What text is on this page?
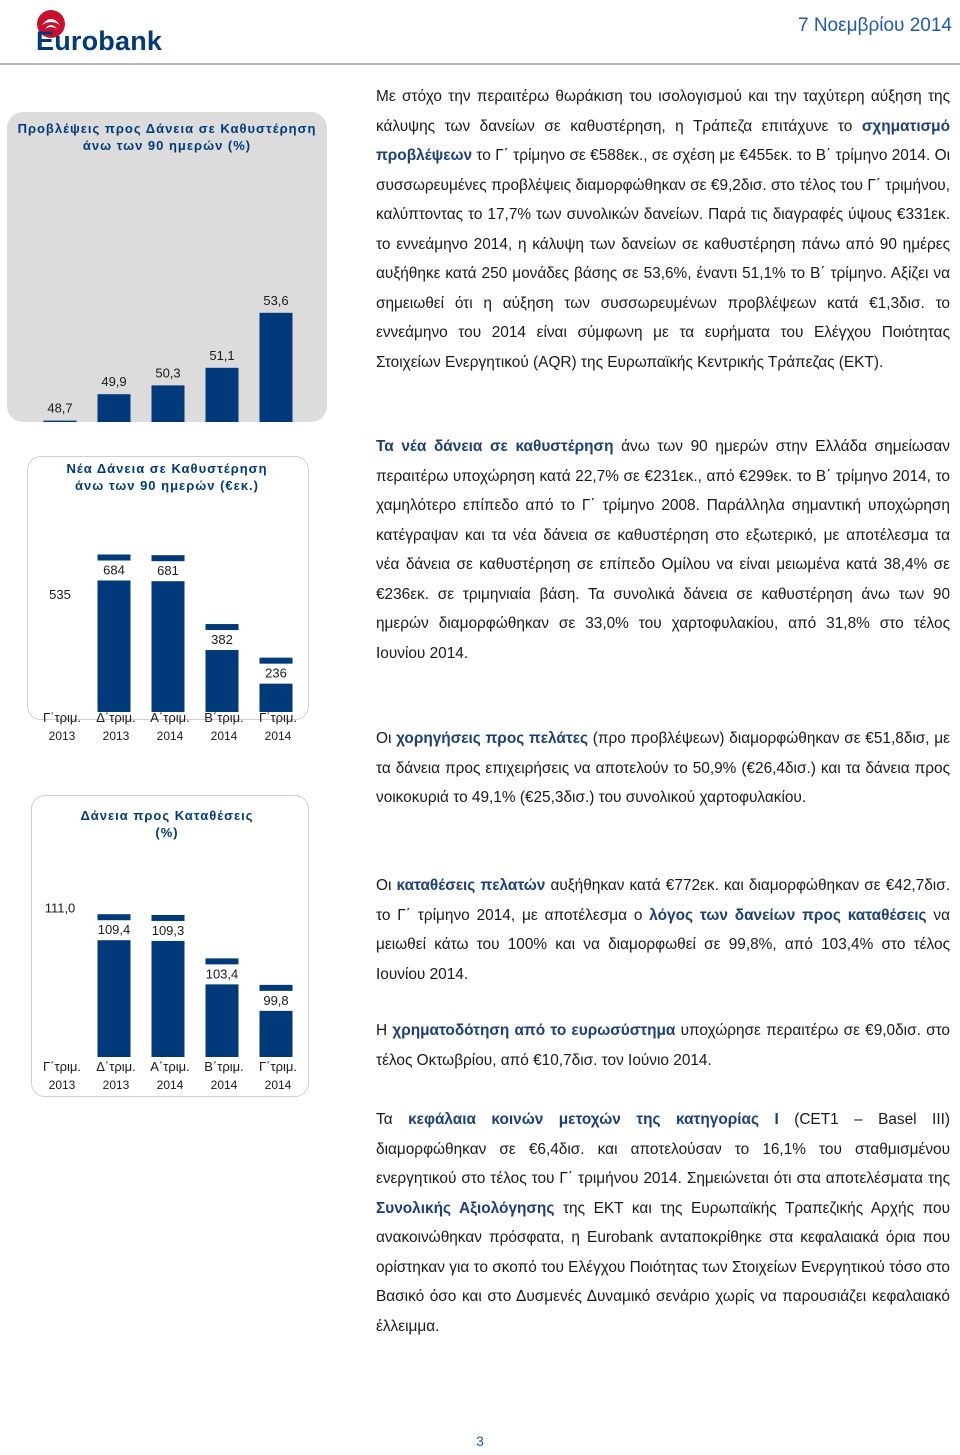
Eurobank
7 Νοεμβρίου 2014
Προβλέψεις προς Δάνεια σε Καθυστέρηση άνω των 90 ημερών (%)
48,7
49,9
50,3
51,1
53,6
Νέα Δάνεια σε Καθυστέρηση άνω των 90 ημερών (€εκ.)
535
Γ΄τριμ.
2013
684
Δ΄τριμ.
2013
681
Α΄τριμ.
2014
382
Β΄τριμ.
2014
236
Γ΄τριμ.
2014
Δάνεια προς Καταθέσεις (%)
111,0
Γ΄τριμ.
2013
109,4
Δ΄τριμ.
2013
109,3
Α΄τριμ.
2014
103,4
Β΄τριμ.
2014
99,8
Γ΄τριμ.
2014
Με στόχο την περαιτέρω θωράκιση του ισολογισμού και την ταχύτερη αύξηση της κάλυψης των δανείων σε καθυστέρηση, η Τράπεζα επιτάχυνε το σχηματισμό προβλέψεων το Γ΄ τρίμηνο σε €588εκ., σε σχέση με €455εκ. το Β΄ τρίμηνο 2014. Οι συσσωρευμένες προβλέψεις διαμορφώθηκαν σε €9,2δισ. στο τέλος του Γ΄ τριμήνου, καλύπτοντας το 17,7% των συνολικών δανείων. Παρά τις διαγραφές ύψους €331εκ. το εννεάμηνο 2014, η κάλυψη των δανείων σε καθυστέρηση πάνω από 90 ημέρες αυξήθηκε κατά 250 μονάδες βάσης σε 53,6%, έναντι 51,1% το Β΄ τρίμηνο. Αξίζει να σημειωθεί ότι η αύξηση των συσσωρευμένων προβλέψεων κατά €1,3δισ. το εννεάμηνο του 2014 είναι σύμφωνη με τα ευρήματα του Ελέγχου Ποιότητας Στοιχείων Ενεργητικού (AQR) της Ευρωπαϊκής Κεντρικής Τράπεζας (ΕΚΤ).
Τα νέα δάνεια σε καθυστέρηση άνω των 90 ημερών στην Ελλάδα σημείωσαν περαιτέρω υποχώρηση κατά 22,7% σε €231εκ., από €299εκ. το Β΄ τρίμηνο 2014, το χαμηλότερο επίπεδο από το Γ΄ τρίμηνο 2008. Παράλληλα σημαντική υποχώρηση κατέγραψαν και τα νέα δάνεια σε καθυστέρηση στο εξωτερικό, με αποτέλεσμα τα νέα δάνεια σε καθυστέρηση σε επίπεδο Ομίλου να είναι μειωμένα κατά 38,4% σε €236εκ. σε τριμηνιαία βάση. Τα συνολικά δάνεια σε καθυστέρηση άνω των 90 ημερών διαμορφώθηκαν σε 33,0% του χαρτοφυλακίου, από 31,8% στο τέλος Ιουνίου 2014.
Οι χορηγήσεις προς πελάτες (προ προβλέψεων) διαμορφώθηκαν σε €51,8δισ, με τα δάνεια προς επιχειρήσεις να αποτελούν το 50,9% (€26,4δισ.) και τα δάνεια προς νοικοκυριά το 49,1% (€25,3δισ.) του συνολικού χαρτοφυλακίου.
Οι καταθέσεις πελατών αυξήθηκαν κατά €772εκ. και διαμορφώθηκαν σε €42,7δισ. το Γ΄ τρίμηνο 2014, με αποτέλεσμα ο λόγος των δανείων προς καταθέσεις να μειωθεί κάτω του 100% και να διαμορφωθεί σε 99,8%, από 103,4% στο τέλος Ιουνίου 2014.
Η χρηματοδότηση από το ευρωσύστημα υποχώρησε περαιτέρω σε €9,0δισ. στο τέλος Οκτωβρίου, από €10,7δισ. τον Ιούνιο 2014.
Τα κεφάλαια κοινών μετοχών της κατηγορίας Ι (CET1 – Basel III) διαμορφώθηκαν σε €6,4δισ. και αποτελούσαν το 16,1% του σταθμισμένου ενεργητικού στο τέλος του Γ΄ τριμήνου 2014. Σημειώνεται ότι στα αποτελέσματα της Συνολικής Αξιολόγησης της ΕΚΤ και της Ευρωπαϊκής Τραπεζικής Αρχής που ανακοινώθηκαν πρόσφατα, η Eurobank ανταποκρίθηκε στα κεφαλαιακά όρια που ορίστηκαν για το σκοπό του Ελέγχου Ποιότητας των Στοιχείων Ενεργητικού τόσο στο Βασικό όσο και στο Δυσμενές Δυναμικό σενάριο χωρίς να παρουσιάζει κεφαλαιακό έλλειμμα.
3
